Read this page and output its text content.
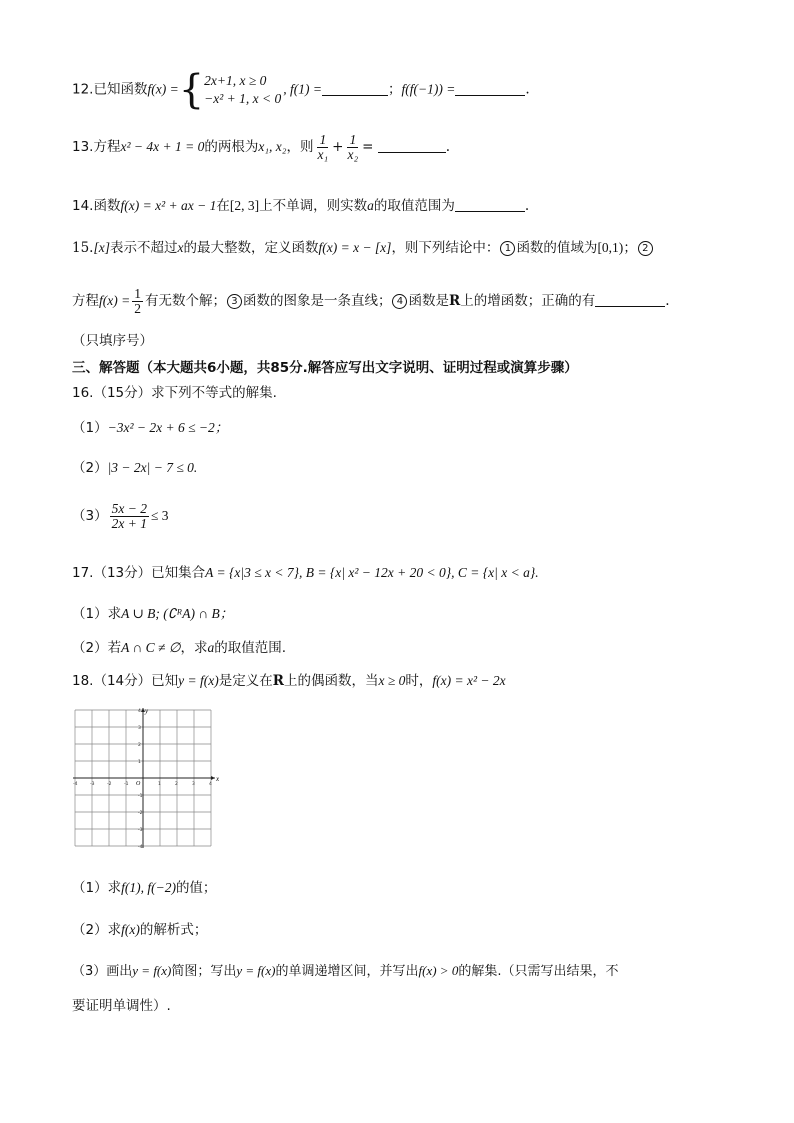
12.已知函数f(x) ={ 2x+1, x ≥ 0
−x² + 1, x < 0
, f(1) =	；f(f(−1)) =	.
13.方程x² − 4x + 1 = 0的两根为x₁, x₂，则 $\frac{1}{\text{x₁}} + \frac{1}{\text{x₂}}$ =	.
14.函数f(x) = x² + ax − 1在[2, 3]上不单调，则实数a的取值范围为	.
15.[x]表示不超过x的最大整数，定义函数f(x) = x − [x]，则下列结论中： 1 函数的值域为[0,1)； 2
方程$f(x) = \frac{1}{2}$ 有无数个解； 3 函数的图象是一条直线； 4 函数是R上的增函数；正确的有	.
（只填序号）
三、解答题（本大题共6小题，共85分.解答应写出文字说明、证明过程或演算步骤）
16.（15分）求下列不等式的解集.
（1）−3x² − 2x + 6 ≤ −2；
（2）|3 − 2x| − 7 ≤ 0.
$(3) \frac{5x - 2}{2x + 1} \le 3$
17.（13分）已知集合A = {x|3 ≤ x < 7}, B = {x| x² − 12x + 20 < 0}, C = {x| x < a}.
（1）求A ∪ B; (∁ᴿA) ∩ B；
（2）若A ∩ C ≠ ∅，求a的取值范围.
18.（14分）已知y = f(x)是定义在R上的偶函数，当x ≥ 0时，f(x) = x² − 2x
x
y
O
-4	-3	-2	-1	1	2	3	4
4
3
2
1
-1
-2
-3
-4
（1）求f(1), f(−2)的值；
（2）求f(x)的解析式；
（3）画出y = f(x)简图；写出y = f(x)的单调递增区间，并写出f(x) > 0的解集.（只需写出结果，不
要证明单调性）.
